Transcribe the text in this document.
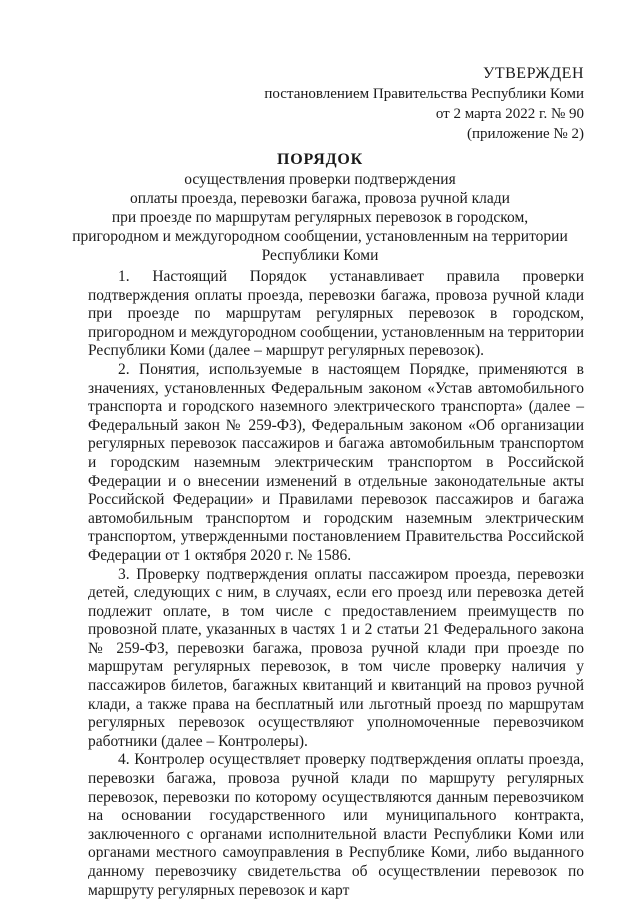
УТВЕРЖДЕН
постановлением Правительства Республики Коми
от 2 марта 2022 г. № 90
(приложение № 2)
ПОРЯДОК
осуществления проверки подтверждения
оплаты проезда, перевозки багажа, провоза ручной клади
при проезде по маршрутам регулярных перевозок в городском,
пригородном и междугородном сообщении, установленным на территории
Республики Коми

1. Настоящий Порядок устанавливает правила проверки подтверждения оплаты проезда, перевозки багажа, провоза ручной клади при проезде по маршрутам регулярных перевозок в городском, пригородном и междугородном сообщении, установленным на территории Республики Коми (далее – маршрут регулярных перевозок).

2. Понятия, используемые в настоящем Порядке, применяются в значениях, установленных Федеральным законом «Устав автомобильного транспорта и городского наземного электрического транспорта» (далее – Федеральный закон № 259-ФЗ), Федеральным законом «Об организации регулярных перевозок пассажиров и багажа автомобильным транспортом и городским наземным электрическим транспортом в Российской Федерации и о внесении изменений в отдельные законодательные акты Российской Федерации» и Правилами перевозок пассажиров и багажа автомобильным транспортом и городским наземным электрическим транспортом, утвержденными постановлением Правительства Российской Федерации от 1 октября 2020 г. № 1586.

3. Проверку подтверждения оплаты пассажиром проезда, перевозки детей, следующих с ним, в случаях, если его проезд или перевозка детей подлежит оплате, в том числе с предоставлением преимуществ по провозной плате, указанных в частях 1 и 2 статьи 21 Федерального закона № 259-ФЗ, перевозки багажа, провоза ручной клади при проезде по маршрутам регулярных перевозок, в том числе проверку наличия у пассажиров билетов, багажных квитанций и квитанций на провоз ручной клади, а также права на бесплатный или льготный проезд по маршрутам регулярных перевозок осуществляют уполномоченные перевозчиком работники (далее – Контролеры).

4. Контролер осуществляет проверку подтверждения оплаты проезда, перевозки багажа, провоза ручной клади по маршруту регулярных перевозок, перевозки по которому осуществляются данным перевозчиком на основании государственного или муниципального контракта, заключенного с органами исполнительной власти Республики Коми или органами местного самоуправления в Республике Коми, либо выданного данному перевозчику свидетельства об осуществлении перевозок по маршруту регулярных перевозок и карт
